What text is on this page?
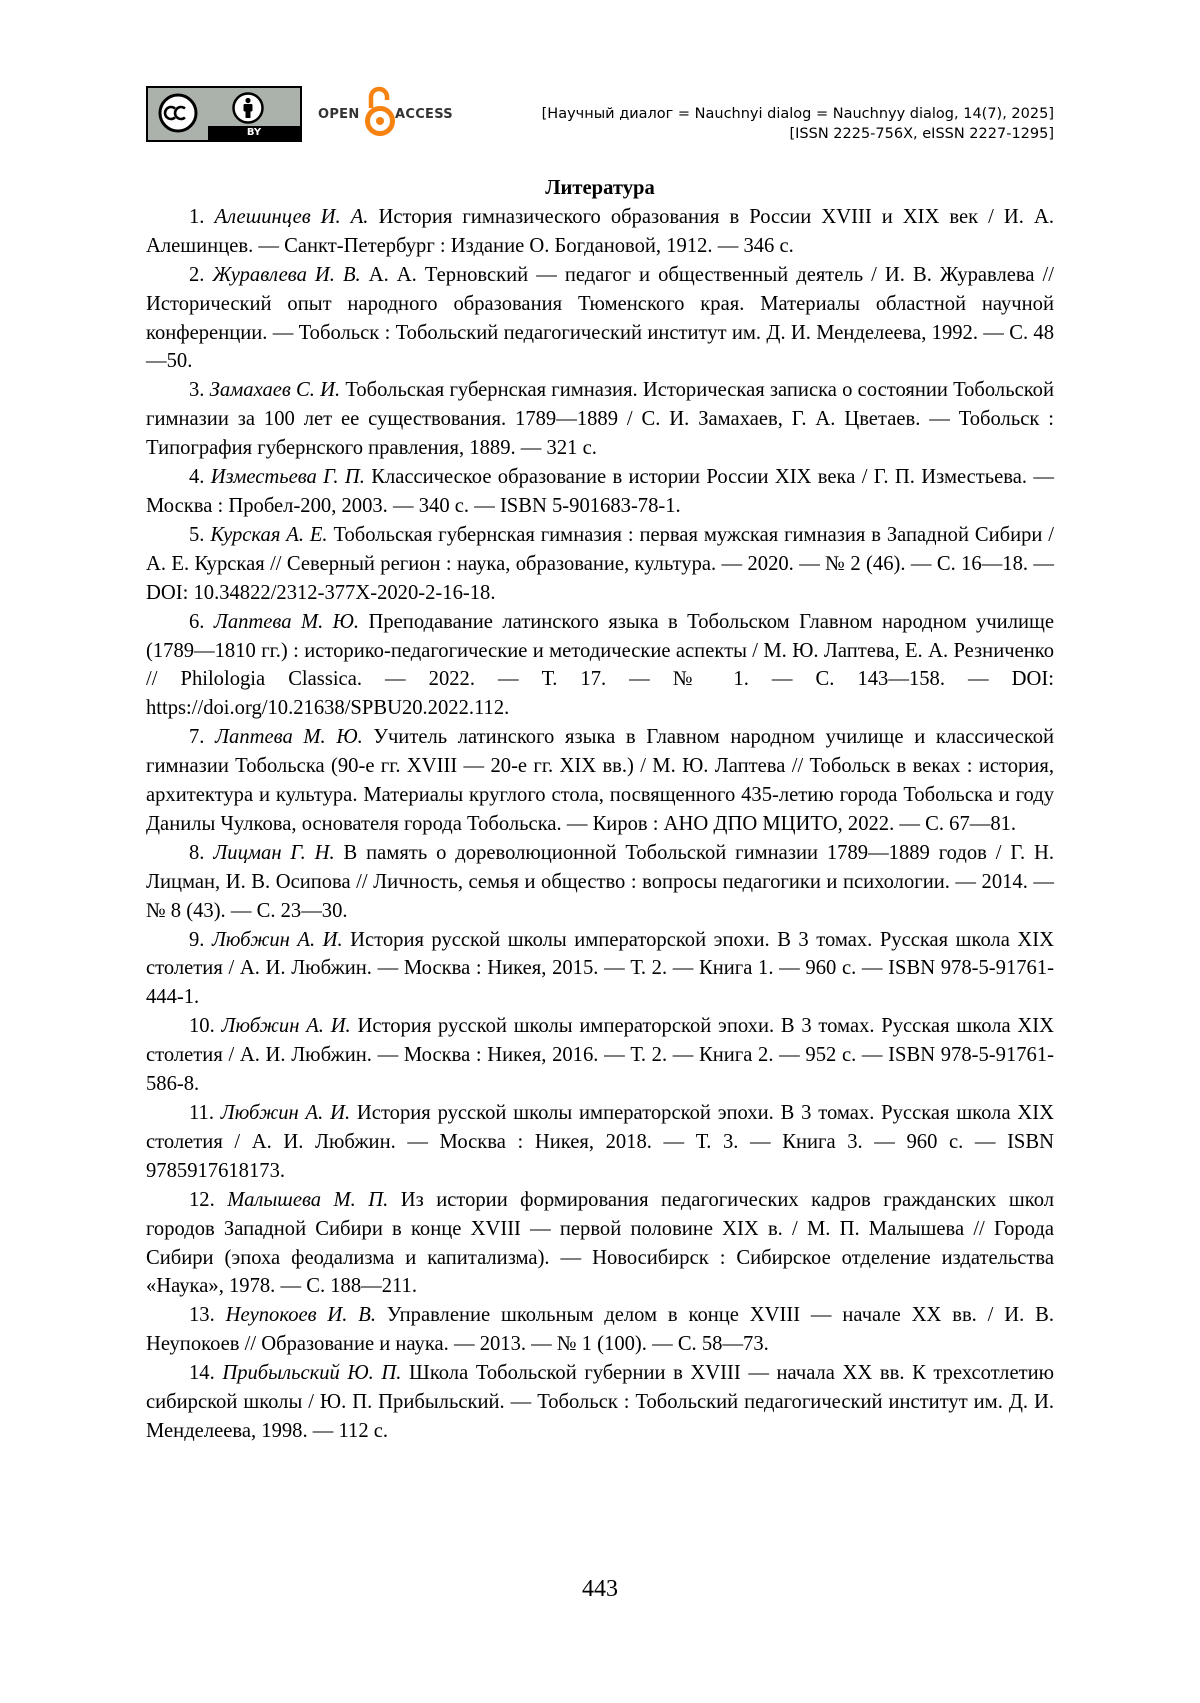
BY
OPEN	ACCESS	[Научный диалог = Nauchnyi dialog = Nauchnyy dialog, 14(7), 2025]
[ISSN 2225-756X, eISSN 2227-1295]
Литература
1. Алешинцев И. А. История гимназического образования в России XVIII и XIX век / И. А. Алешинцев. — Санкт-Петербург : Издание О. Богдановой, 1912. — 346 с.
2. Журавлева И. В. А. А. Терновский — педагог и общественный деятель / И. В. Журавлева // Исторический опыт народного образования Тюменского края. Материалы областной научной конференции. — Тобольск : Тобольский педагогический институт им. Д. И. Менделеева, 1992. — С. 48—50.
3. Замахаев С. И. Тобольская губернская гимназия. Историческая записка о состоянии Тобольской гимназии за 100 лет ее существования. 1789—1889 / С. И. Замахаев, Г. А. Цветаев. — Тобольск : Типография губернского правления, 1889. — 321 с.
4. Изместьева Г. П. Классическое образование в истории России XIX века / Г. П. Изместьева. — Москва : Пробел-200, 2003. — 340 с. — ISBN 5-901683-78-1.
5. Курская А. Е. Тобольская губернская гимназия : первая мужская гимназия в Западной Сибири / А. Е. Курская // Северный регион : наука, образование, культура. — 2020. — № 2 (46). — С. 16—18. — DOI: 10.34822/2312-377X-2020-2-16-18.
6. Лаптева М. Ю. Преподавание латинского языка в Тобольском Главном народном училище (1789—1810 гг.) : историко-педагогические и методические аспекты / М. Ю. Лаптева, Е. А. Резниченко // Philologia Classica. — 2022. — Т. 17. — № 1. — С. 143—158. — DOI: https://doi.org/10.21638/SPBU20.2022.112.
7. Лаптева М. Ю. Учитель латинского языка в Главном народном училище и классической гимназии Тобольска (90-е гг. XVIII — 20-е гг. XIX вв.) / М. Ю. Лаптева // Тобольск в веках : история, архитектура и культура. Материалы круглого стола, посвященного 435-летию города Тобольска и году Данилы Чулкова, основателя города Тобольска. — Киров : АНО ДПО МЦИТО, 2022. — С. 67—81.
8. Лицман Г. Н. В память о дореволюционной Тобольской гимназии 1789—1889 годов / Г. Н. Лицман, И. В. Осипова // Личность, семья и общество : вопросы педагогики и психологии. — 2014. — № 8 (43). — С. 23—30.
9. Любжин А. И. История русской школы императорской эпохи. В 3 томах. Русская школа XIX столетия / А. И. Любжин. — Москва : Никея, 2015. — Т. 2. — Книга 1. — 960 с. — ISBN 978-5-91761-444-1.
10. Любжин А. И. История русской школы императорской эпохи. В 3 томах. Русская школа XIX столетия / А. И. Любжин. — Москва : Никея, 2016. — Т. 2. — Книга 2. — 952 с. — ISBN 978-5-91761-586-8.
11. Любжин А. И. История русской школы императорской эпохи. В 3 томах. Русская школа XIX столетия / А. И. Любжин. — Москва : Никея, 2018. — Т. 3. — Книга 3. — 960 с. — ISBN 9785917618173.
12. Малышева М. П. Из истории формирования педагогических кадров гражданских школ городов Западной Сибири в конце XVIII — первой половине XIX в. / М. П. Малышева // Города Сибири (эпоха феодализма и капитализма). — Новосибирск : Сибирское отделение издательства «Наука», 1978. — С. 188—211.
13. Неупокоев И. В. Управление школьным делом в конце XVIII — начале XX вв. / И. В. Неупокоев // Образование и наука. — 2013. — № 1 (100). — С. 58—73.
14. Прибыльский Ю. П. Школа Тобольской губернии в XVIII — начала XX вв. К трехсотлетию сибирской школы / Ю. П. Прибыльский. — Тобольск : Тобольский педагогический институт им. Д. И. Менделеева, 1998. — 112 с.
443
